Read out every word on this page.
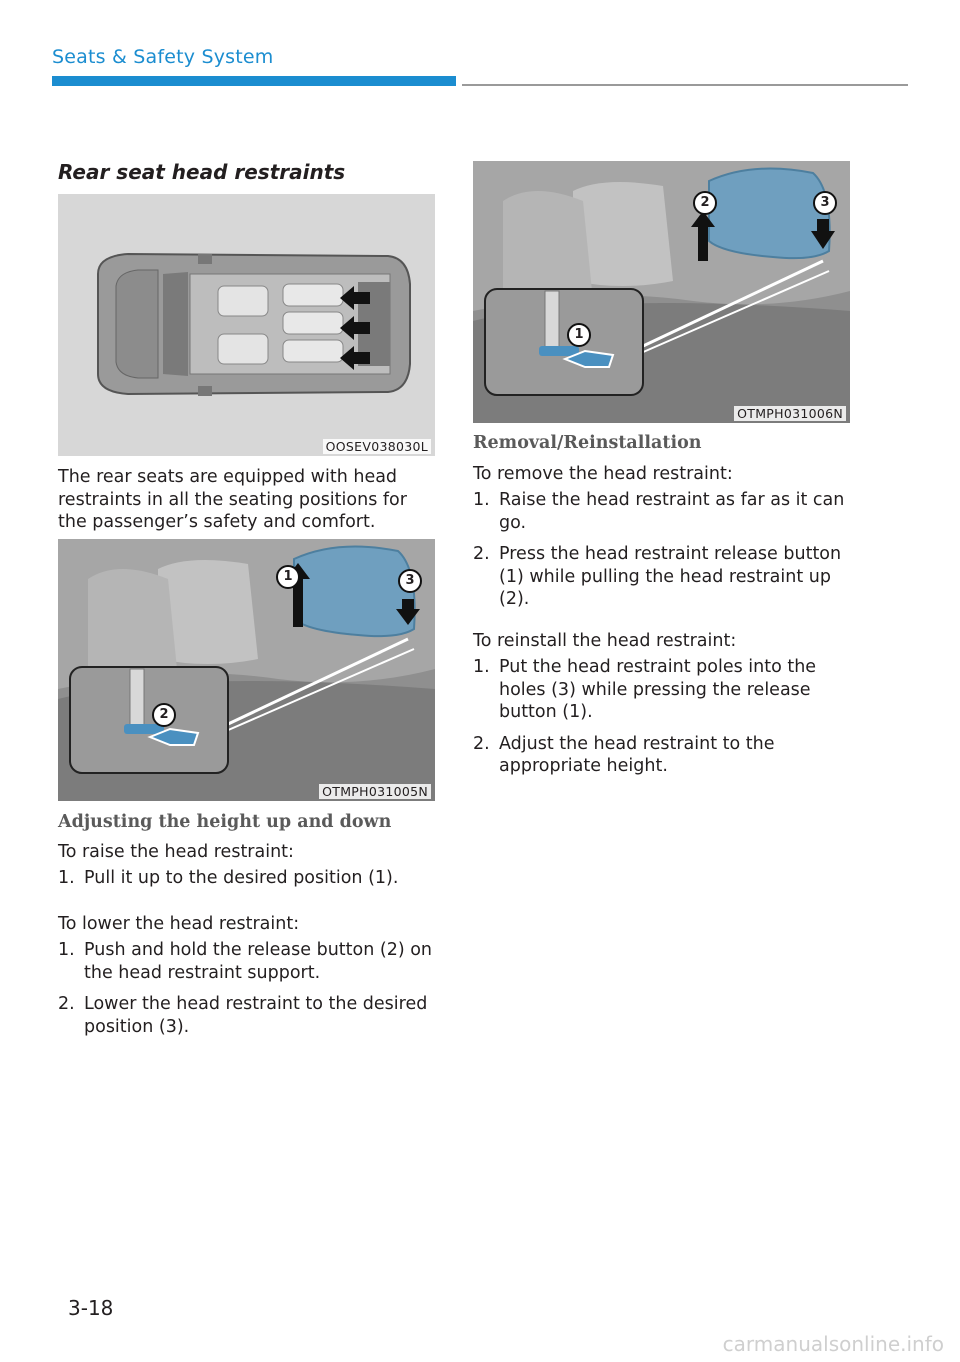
Seats & Safety System
Rear seat head restraints
OOSEV038030L
The rear seats are equipped with head restraints in all the seating positions for the passenger’s safety and comfort.
1	3
2
OTMPH031005N
Adjusting the height up and down
To raise the head restraint:
1. Pull it up to the desired position (1).
To lower the head restraint:
1. Push and hold the release button (2) on the head restraint support.
2. Lower the head restraint to the desired position (3).
2	3
1
OTMPH031006N
Removal/Reinstallation
To remove the head restraint:
1. Raise the head restraint as far as it can go.
2. Press the head restraint release button (1) while pulling the head restraint up (2).
To reinstall the head restraint:
1. Put the head restraint poles into the holes (3) while pressing the release button (1).
2. Adjust the head restraint to the appropriate height.
3-18
carmanualsonline.info
